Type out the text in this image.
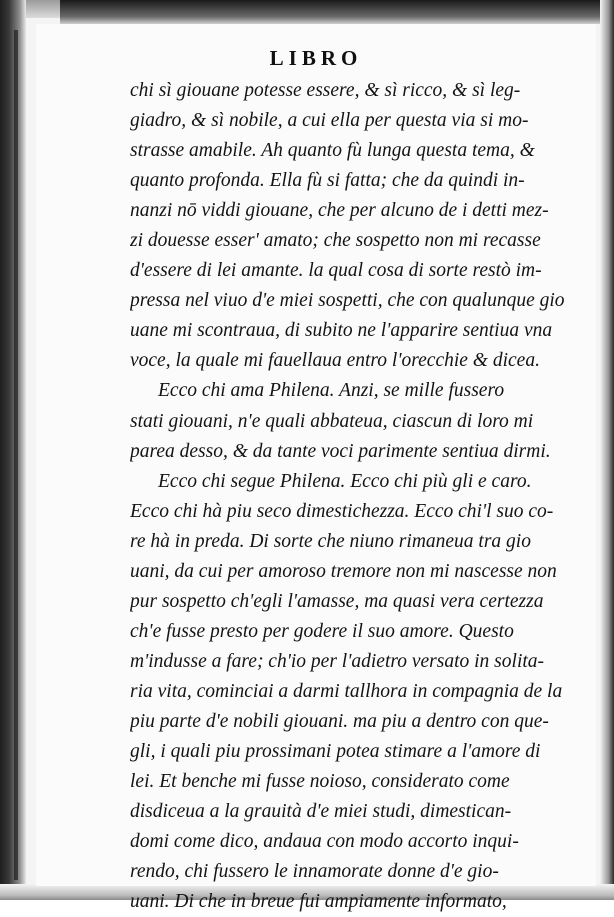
LIBRO
chi sì giouane potesse essere, & sì ricco, & sì leg-
giadro, & sì nobile, a cui ella per questa via si mo-
strasse amabile. Ah quanto fù lunga questa tema, &
quanto profonda. Ella fù si fatta; che da quindi in-
nanzi nō viddi giouane, che per alcuno de i detti mez-
zi douesse esser' amato; che sospetto non mi recasse
d'essere di lei amante. la qual cosa di sorte restò im-
pressa nel viuo d'e miei sospetti, che con qualunque gio
uane mi scontraua, di subito ne l'apparire sentiua vna
voce, la quale mi fauellaua entro l'orecchie & dicea.
Ecco chi ama Philena. Anzi, se mille fussero
stati giouani, n'e quali abbateua, ciascun di loro mi
parea desso, & da tante voci parimente sentiua dirmi.
Ecco chi segue Philena. Ecco chi più gli e caro.
Ecco chi hà piu seco dimestichezza. Ecco chi'l suo co-
re hà in preda. Di sorte che niuno rimaneua tra gio
uani, da cui per amoroso tremore non mi nascesse non
pur sospetto ch'egli l'amasse, ma quasi vera certezza
ch'e fusse presto per godere il suo amore. Questo
m'indusse a fare; ch'io per l'adietro versato in solita-
ria vita, cominciai a darmi tallhora in compagnia de la
piu parte d'e nobili giouani. ma piu a dentro con que-
gli, i quali piu prossimani potea stimare a l'amore di
lei. Et benche mi fusse noioso, considerato come
disdiceua a la grauità d'e miei studi, dimestican-
domi come dico, andaua con modo accorto inqui-
rendo, chi fussero le innamorate donne d'e gio-
uani. Di che in breue fui ampiamente informato,
